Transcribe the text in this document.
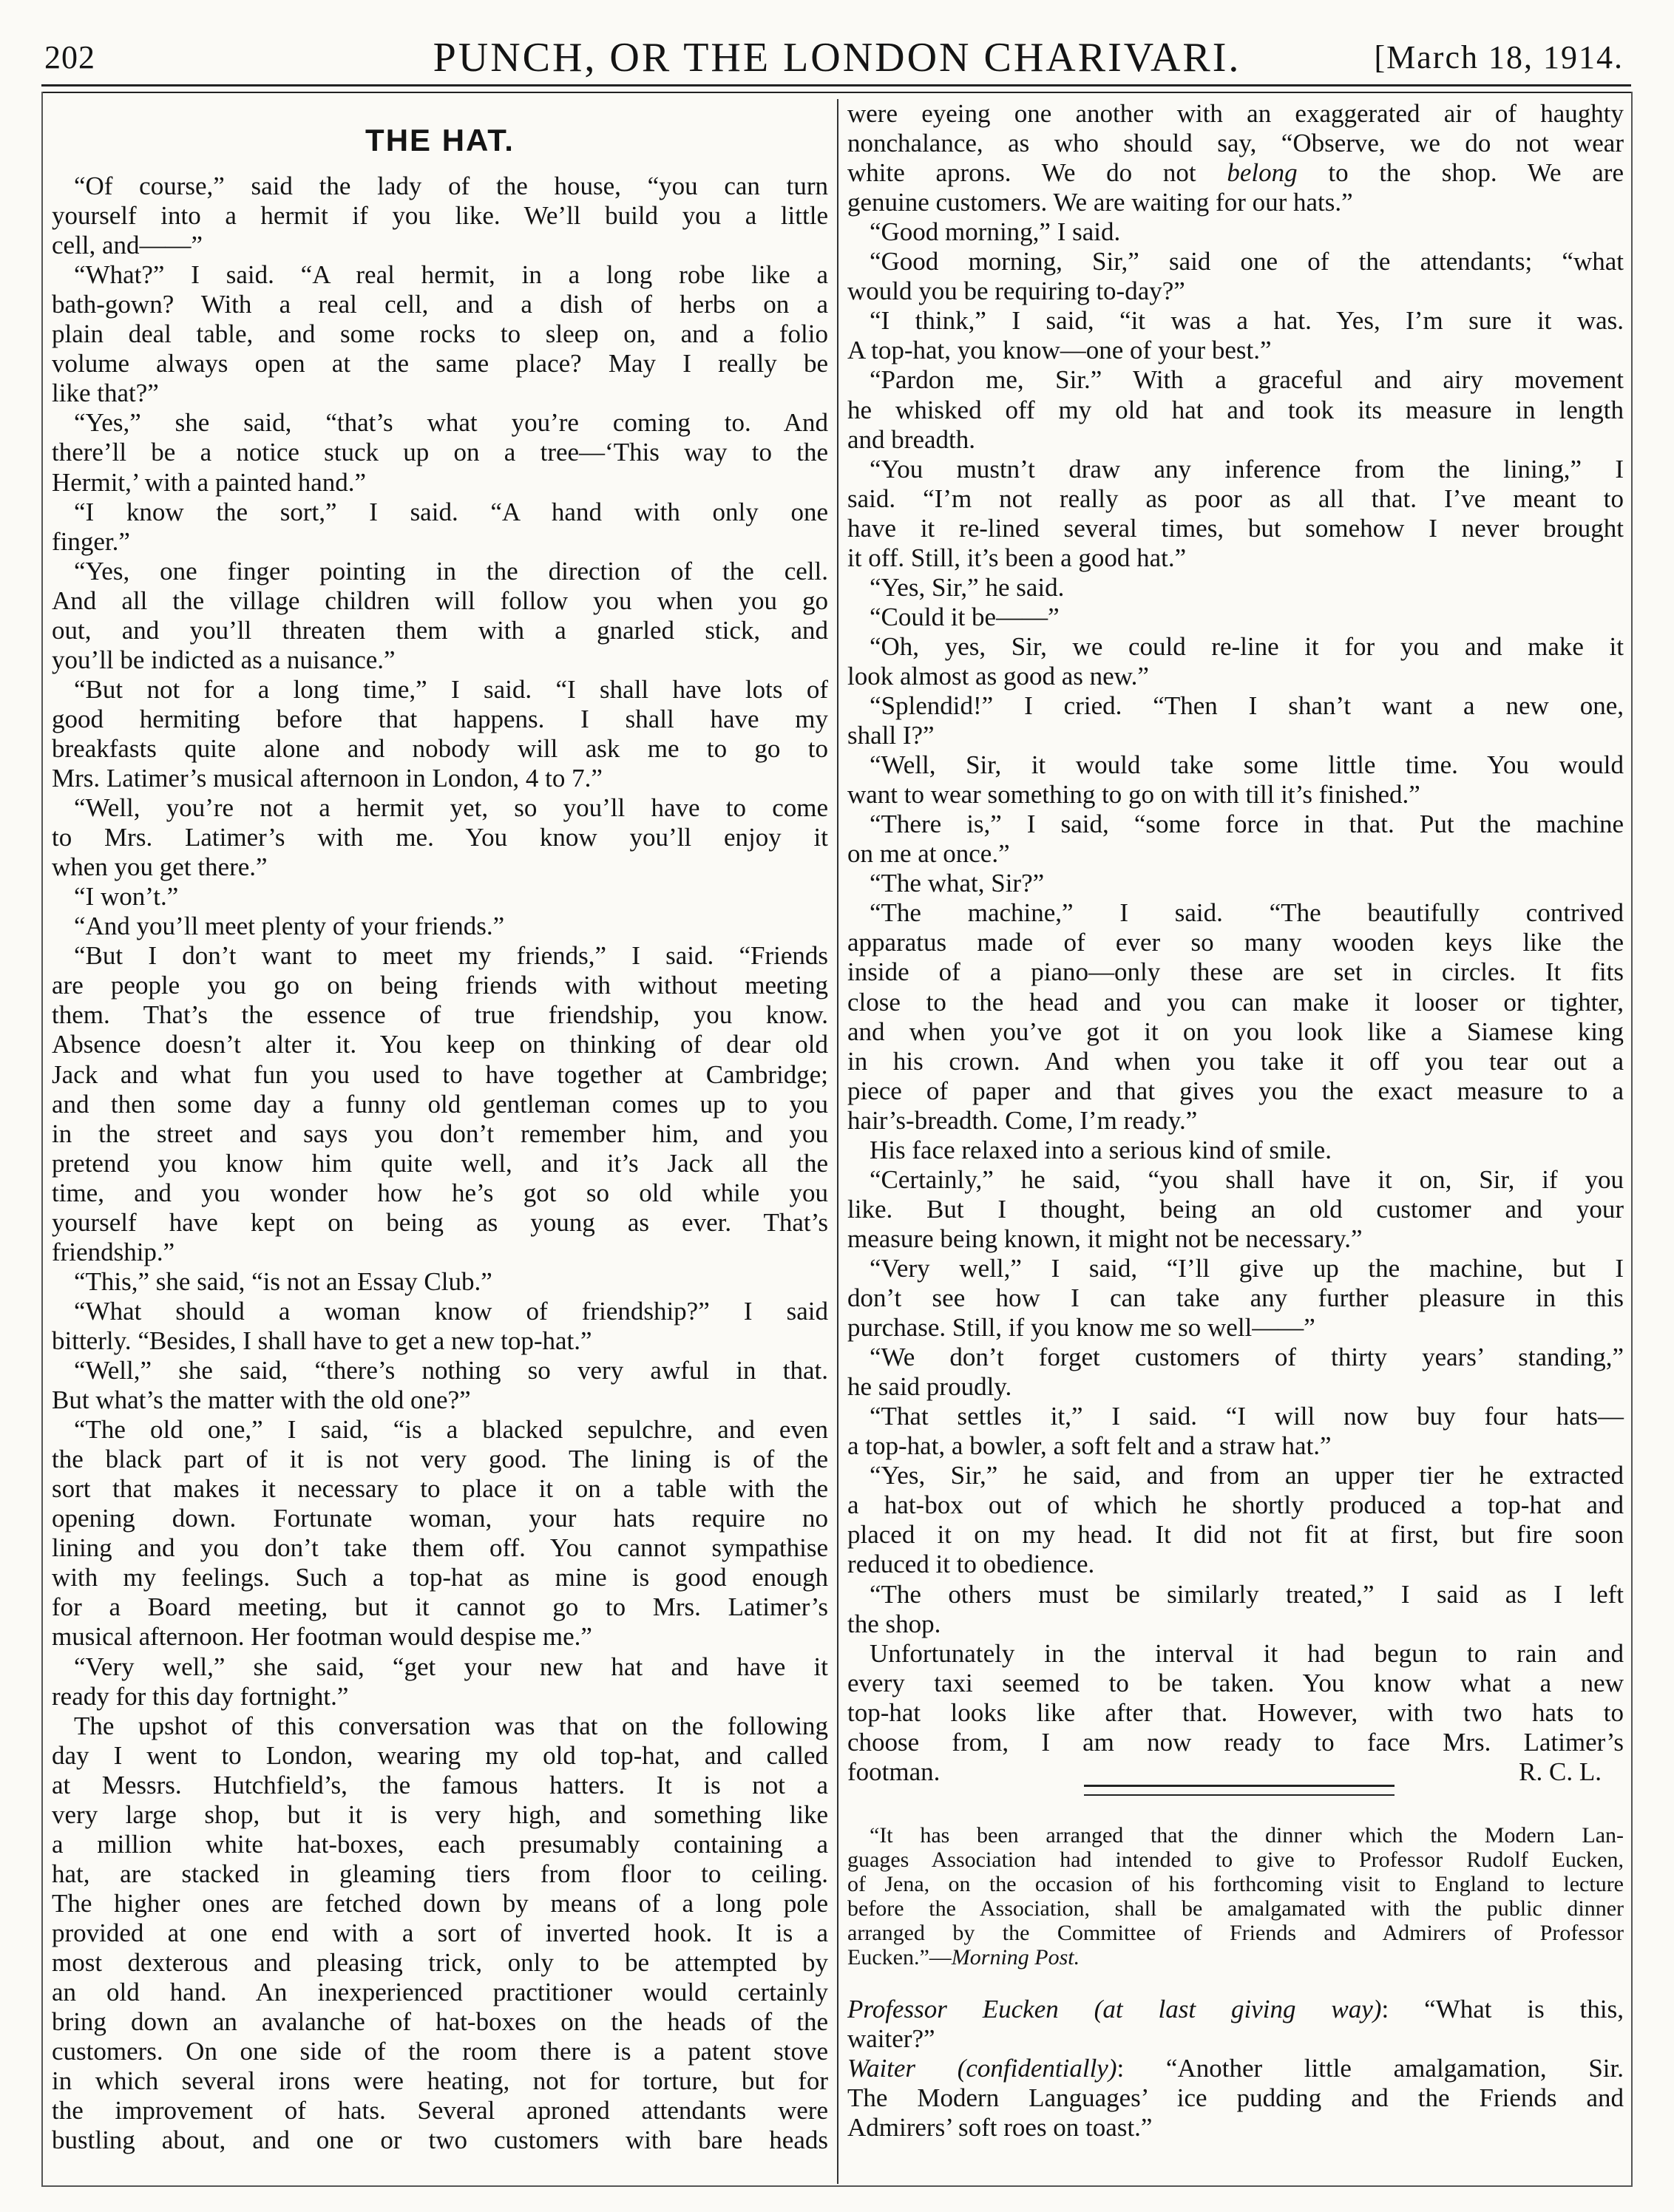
202	PUNCH, OR THE LONDON CHARIVARI.	[March 18, 1914.
THE HAT.
“Of course,” said the lady of the house, “you can turn
yourself into a hermit if you like. We’ll build you a little
cell, and——”
“What?” I said. “A real hermit, in a long robe like a
bath-gown? With a real cell, and a dish of herbs on a
plain deal table, and some rocks to sleep on, and a folio
volume always open at the same place? May I really be
like that?”
“Yes,” she said, “that’s what you’re coming to. And
there’ll be a notice stuck up on a tree—‘This way to the
Hermit,’ with a painted hand.”
“I know the sort,” I said. “A hand with only one
finger.”
“Yes, one finger pointing in the direction of the cell.
And all the village children will follow you when you go
out, and you’ll threaten them with a gnarled stick, and
you’ll be indicted as a nuisance.”
“But not for a long time,” I said. “I shall have lots of
good hermiting before that happens. I shall have my
breakfasts quite alone and nobody will ask me to go to
Mrs. Latimer’s musical afternoon in London, 4 to 7.”
“Well, you’re not a hermit yet, so you’ll have to come
to Mrs. Latimer’s with me. You know you’ll enjoy it
when you get there.”
“I won’t.”
“And you’ll meet plenty of your friends.”
“But I don’t want to meet my friends,” I said. “Friends
are people you go on being friends with without meeting
them. That’s the essence of true friendship, you know.
Absence doesn’t alter it. You keep on thinking of dear old
Jack and what fun you used to have together at Cambridge;
and then some day a funny old gentleman comes up to you
in the street and says you don’t remember him, and you
pretend you know him quite well, and it’s Jack all the
time, and you wonder how he’s got so old while you
yourself have kept on being as young as ever. That’s
friendship.”
“This,” she said, “is not an Essay Club.”
“What should a woman know of friendship?” I said
bitterly. “Besides, I shall have to get a new top-hat.”
“Well,” she said, “there’s nothing so very awful in that.
But what’s the matter with the old one?”
“The old one,” I said, “is a blacked sepulchre, and even
the black part of it is not very good. The lining is of the
sort that makes it necessary to place it on a table with the
opening down. Fortunate woman, your hats require no
lining and you don’t take them off. You cannot sympathise
with my feelings. Such a top-hat as mine is good enough
for a Board meeting, but it cannot go to Mrs. Latimer’s
musical afternoon. Her footman would despise me.”
“Very well,” she said, “get your new hat and have it
ready for this day fortnight.”
The upshot of this conversation was that on the following
day I went to London, wearing my old top-hat, and called
at Messrs. Hutchfield’s, the famous hatters. It is not a
very large shop, but it is very high, and something like
a million white hat-boxes, each presumably containing a
hat, are stacked in gleaming tiers from floor to ceiling.
The higher ones are fetched down by means of a long pole
provided at one end with a sort of inverted hook. It is a
most dexterous and pleasing trick, only to be attempted by
an old hand. An inexperienced practitioner would certainly
bring down an avalanche of hat-boxes on the heads of the
customers. On one side of the room there is a patent stove
in which several irons were heating, not for torture, but for
the improvement of hats. Several aproned attendants were
bustling about, and one or two customers with bare heads
R. C. L.
were eyeing one another with an exaggerated air of haughty
nonchalance, as who should say, “Observe, we do not wear
white aprons. We do not belong to the shop. We are
genuine customers. We are waiting for our hats.”
“Good morning,” I said.
“Good morning, Sir,” said one of the attendants; “what
would you be requiring to-day?”
“I think,” I said, “it was a hat. Yes, I’m sure it was.
A top-hat, you know—one of your best.”
“Pardon me, Sir.” With a graceful and airy movement
he whisked off my old hat and took its measure in length
and breadth.
“You mustn’t draw any inference from the lining,” I
said. “I’m not really as poor as all that. I’ve meant to
have it re-lined several times, but somehow I never brought
it off. Still, it’s been a good hat.”
“Yes, Sir,” he said.
“Could it be——”
“Oh, yes, Sir, we could re-line it for you and make it
look almost as good as new.”
“Splendid!” I cried. “Then I shan’t want a new one,
shall I?”
“Well, Sir, it would take some little time. You would
want to wear something to go on with till it’s finished.”
“There is,” I said, “some force in that. Put the machine
on me at once.”
“The what, Sir?”
“The machine,” I said. “The beautifully contrived
apparatus made of ever so many wooden keys like the
inside of a piano—only these are set in circles. It fits
close to the head and you can make it looser or tighter,
and when you’ve got it on you look like a Siamese king
in his crown. And when you take it off you tear out a
piece of paper and that gives you the exact measure to a
hair’s-breadth. Come, I’m ready.”
His face relaxed into a serious kind of smile.
“Certainly,” he said, “you shall have it on, Sir, if you
like. But I thought, being an old customer and your
measure being known, it might not be necessary.”
“Very well,” I said, “I’ll give up the machine, but I
don’t see how I can take any further pleasure in this
purchase. Still, if you know me so well——”
“We don’t forget customers of thirty years’ standing,”
he said proudly.
“That settles it,” I said. “I will now buy four hats—
a top-hat, a bowler, a soft felt and a straw hat.”
“Yes, Sir,” he said, and from an upper tier he extracted
a hat-box out of which he shortly produced a top-hat and
placed it on my head. It did not fit at first, but fire soon
reduced it to obedience.
“The others must be similarly treated,” I said as I left
the shop.
Unfortunately in the interval it had begun to rain and
every taxi seemed to be taken. You know what a new
top-hat looks like after that. However, with two hats to
choose from, I am now ready to face Mrs. Latimer’s
footman.
“It has been arranged that the dinner which the Modern Lan-
guages Association had intended to give to Professor Rudolf Eucken,
of Jena, on the occasion of his forthcoming visit to England to lecture
before the Association, shall be amalgamated with the public dinner
arranged by the Committee of Friends and Admirers of Professor
Eucken.”—Morning Post.
Professor Eucken (at last giving way): “What is this,
waiter?”
Waiter (confidentially): “Another little amalgamation, Sir.
The Modern Languages’ ice pudding and the Friends and
Admirers’ soft roes on toast.”
